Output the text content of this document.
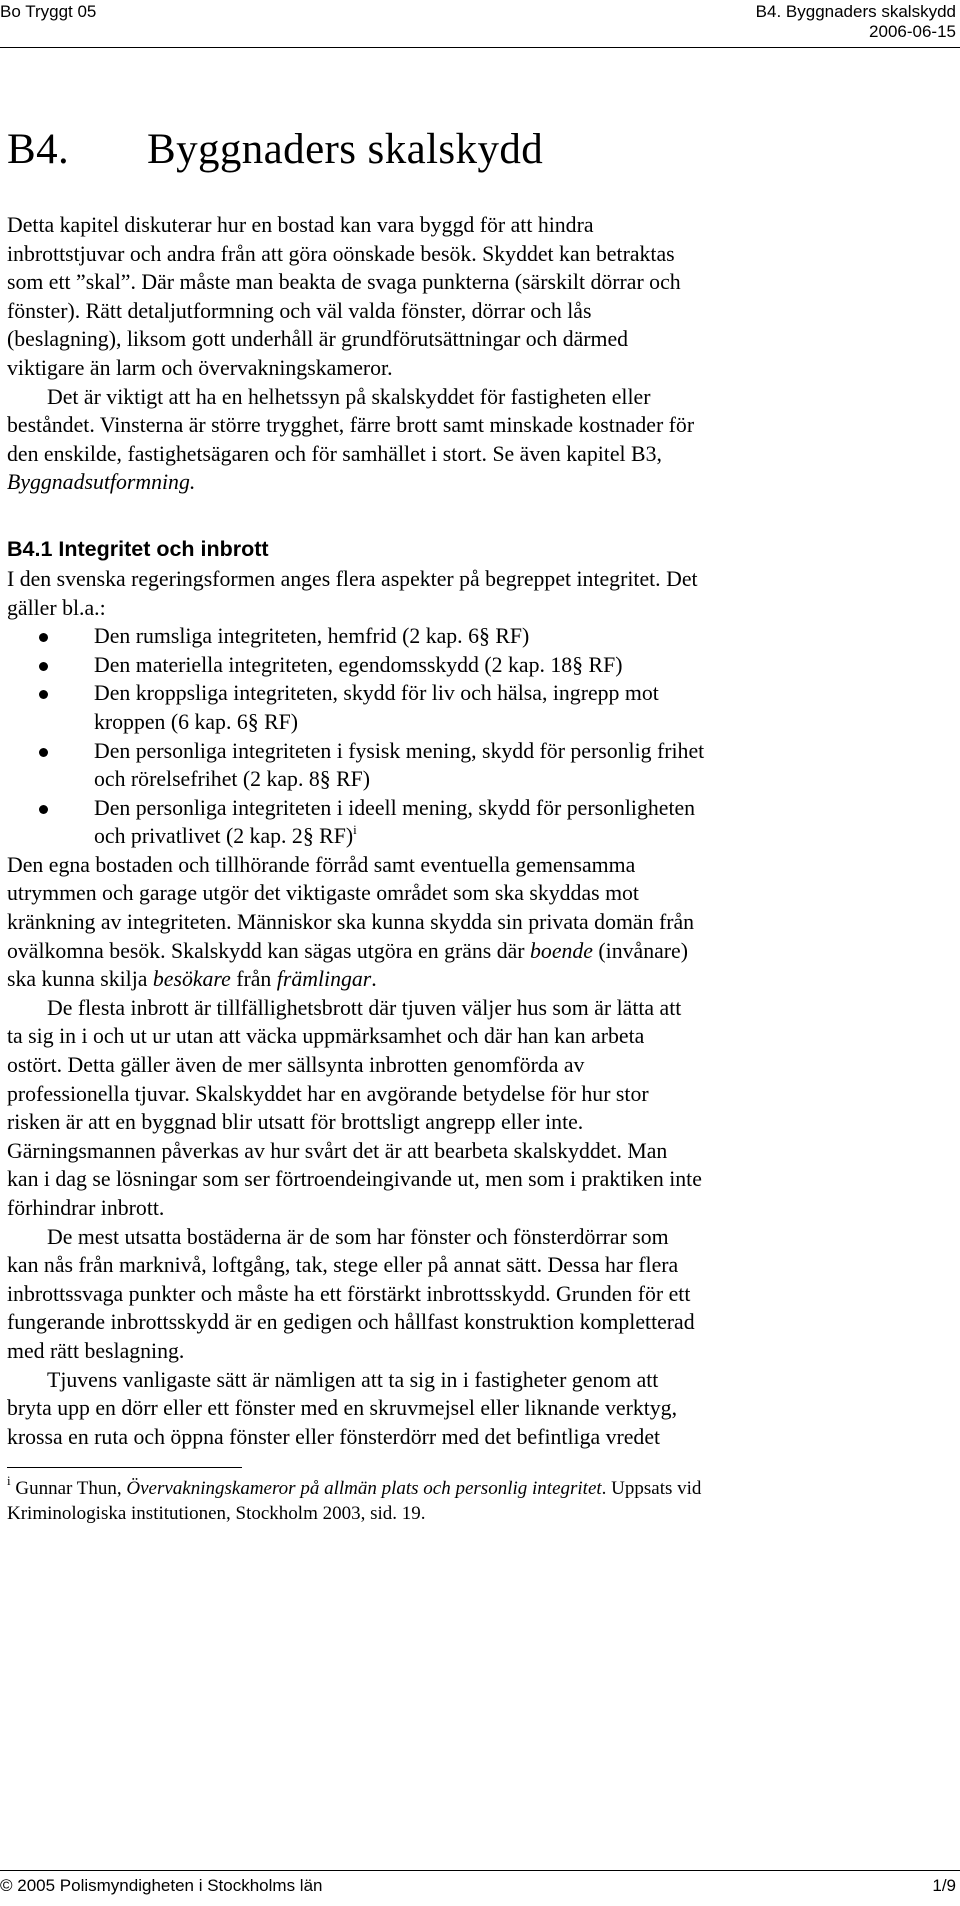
Bo Tryggt 05	B4. Byggnaders skalskydd
2006-06-15
B4. Byggnaders skalskydd

Detta kapitel diskuterar hur en bostad kan vara byggd för att hindra

inbrottstjuvar och andra från att göra oönskade besök. Skyddet kan betraktas

som ett ”skal”. Där måste man beakta de svaga punkterna (särskilt dörrar och

fönster). Rätt detaljutformning och väl valda fönster, dörrar och lås

(beslagning), liksom gott underhåll är grundförutsättningar och därmed

viktigare än larm och övervakningskameror.

Det är viktigt att ha en helhetssyn på skalskyddet för fastigheten eller

beståndet. Vinsterna är större trygghet, färre brott samt minskade kostnader för

den enskilde, fastighetsägaren och för samhället i stort. Se även kapitel B3,

Byggnadsutformning.

B4.1 Integritet och inbrott

I den svenska regeringsformen anges flera aspekter på begreppet integritet. Det

gäller bl.a.:

Den rumsliga integriteten, hemfrid (2 kap. 6§ RF)
Den materiella integriteten, egendomsskydd (2 kap. 18§ RF)
Den kroppsliga integriteten, skydd för liv och hälsa, ingrepp mot
kroppen (6 kap. 6§ RF)
Den personliga integriteten i fysisk mening, skydd för personlig frihet
och rörelsefrihet (2 kap. 8§ RF)
Den personliga integriteten i ideell mening, skydd för personligheten
och privatlivet (2 kap. 2§ RF)$^i$

Den egna bostaden och tillhörande förråd samt eventuella gemensamma

utrymmen och garage utgör det viktigaste området som ska skyddas mot

kränkning av integriteten. Människor ska kunna skydda sin privata domän från

ovälkomna besök. Skalskydd kan sägas utgöra en gräns där boende (invånare)

ska kunna skilja besökare från främlingar.

De flesta inbrott är tillfällighetsbrott där tjuven väljer hus som är lätta att

ta sig in i och ut ur utan att väcka uppmärksamhet och där han kan arbeta

ostört. Detta gäller även de mer sällsynta inbrotten genomförda av

professionella tjuvar. Skalskyddet har en avgörande betydelse för hur stor

risken är att en byggnad blir utsatt för brottsligt angrepp eller inte.

Gärningsmannen påverkas av hur svårt det är att bearbeta skalskyddet. Man

kan i dag se lösningar som ser förtroendeingivande ut, men som i praktiken inte

förhindrar inbrott.

De mest utsatta bostäderna är de som har fönster och fönsterdörrar som

kan nås från marknivå, loftgång, tak, stege eller på annat sätt. Dessa har flera

inbrottssvaga punkter och måste ha ett förstärkt inbrottsskydd. Grunden för ett

fungerande inbrottsskydd är en gedigen och hållfast konstruktion kompletterad

med rätt beslagning.

Tjuvens vanligaste sätt är nämligen att ta sig in i fastigheter genom att

bryta upp en dörr eller ett fönster med en skruvmejsel eller liknande verktyg,

krossa en ruta och öppna fönster eller fönsterdörr med det befintliga vredet

$^i$ Gunnar Thun, Övervakningskameror på allmän plats och personlig integritet. Uppsats vid

Kriminologiska institutionen, Stockholm 2003, sid. 19.

© 2005 Polismyndigheten i Stockholms län	1/9
